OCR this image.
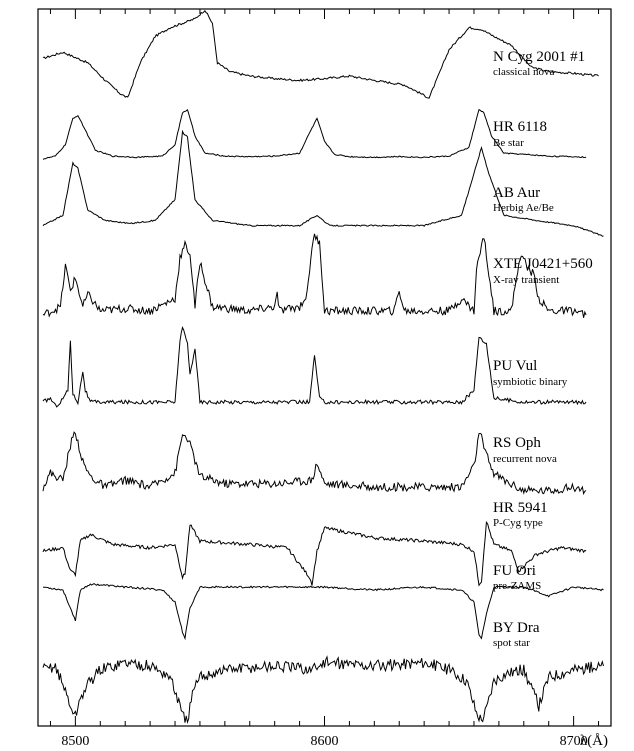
N Cyg 2001 #1
classical nova
HR 6118
Be star
AB Aur
Herbig Ae/Be
XTE J0421+560
X-ray transient
PU Vul
symbiotic binary
RS Oph
recurrent nova
HR 5941
P-Cyg type
FU Ori
pre-ZAMS
BY Dra
spot star
8500	8600	8700
λ(Å)
